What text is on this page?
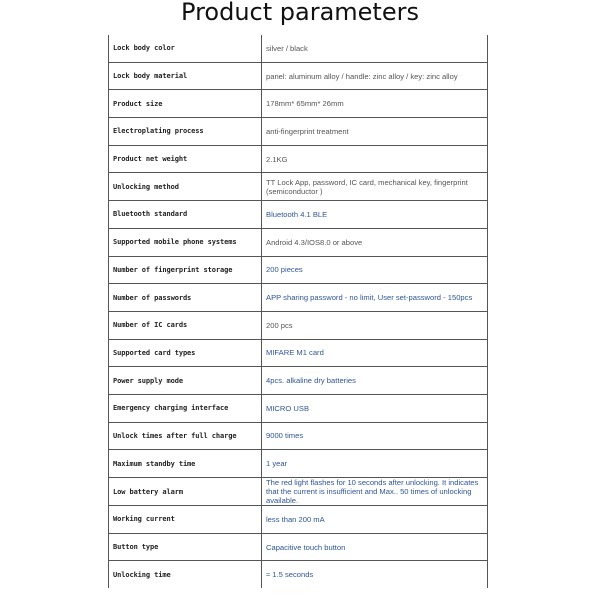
Product parameters
Lock body color	silver / black
Lock body material	panel: aluminum alloy / handle: zinc alloy / key: zinc alloy
Product size	178mm* 65mm* 26mm
Electroplating process	anti-fingerprint treatment
Product net weight	2.1KG
Unlocking method	TT Lock App, password, IC card, mechanical key, fingerprint (semiconductor )
Bluetooth standard	Bluetooth 4.1 BLE
Supported mobile phone systems	Android 4.3/IOS8.0 or above
Number of fingerprint storage	200 pieces
Number of passwords	APP sharing password - no limit, User set-password - 150pcs
Number of IC cards	200 pcs
Supported card types	MIFARE M1 card
Power supply mode	4pcs. alkaline dry batteries
Emergency charging interface	MICRO USB
Unlock times after full charge	9000 times
Maximum standby time	1 year
Low battery alarm	The red light flashes for 10 seconds after unlocking. It indicates that the current is insufficient and Max.. 50 times of unlocking available.
Working current	less than 200 mA
Button type	Capacitive touch button
Unlocking time	≈ 1.5 seconds
